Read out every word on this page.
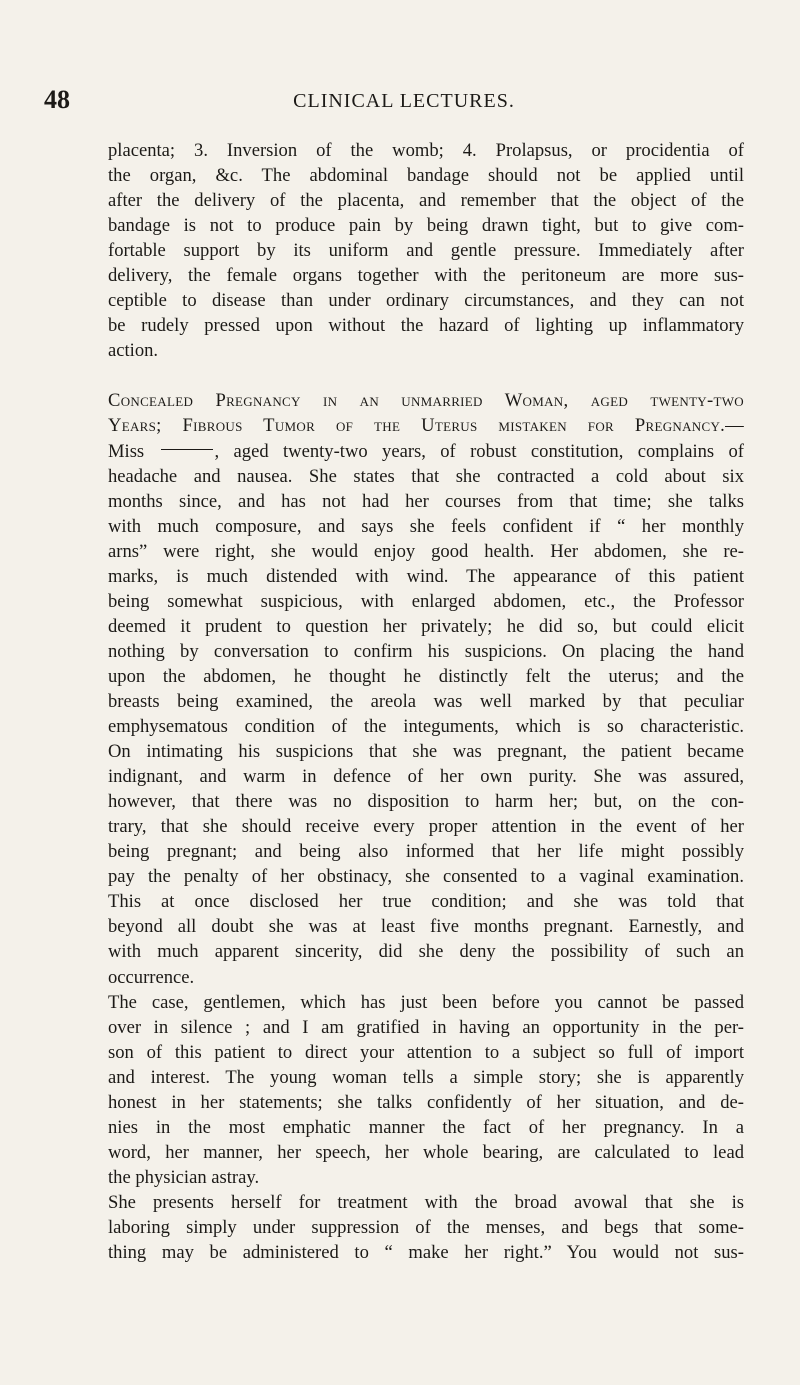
48	CLINICAL LECTURES.

placenta; 3. Inversion of the womb; 4. Prolapsus, or procidentia of
the organ, &c. The abdominal bandage should not be applied until
after the delivery of the placenta, and remember that the object of the
bandage is not to produce pain by being drawn tight, but to give com-
fortable support by its uniform and gentle pressure. Immediately after
delivery, the female organs together with the peritoneum are more sus-
ceptible to disease than under ordinary circumstances, and they can not
be rudely pressed upon without the hazard of lighting up inflammatory
action.

Concealed Pregnancy in an unmarried Woman, aged twenty-two
Years; Fibrous Tumor of the Uterus mistaken for Pregnancy.—

Miss	, aged twenty-two years, of robust constitution, complains of
headache and nausea. She states that she contracted a cold about six
months since, and has not had her courses from that time; she talks
with much composure, and says she feels confident if “ her monthly
arns” were right, she would enjoy good health. Her abdomen, she re-
marks, is much distended with wind. The appearance of this patient
being somewhat suspicious, with enlarged abdomen, etc., the Professor
deemed it prudent to question her privately; he did so, but could elicit
nothing by conversation to confirm his suspicions. On placing the hand
upon the abdomen, he thought he distinctly felt the uterus; and the
breasts being examined, the areola was well marked by that peculiar
emphysematous condition of the integuments, which is so characteristic.
On intimating his suspicions that she was pregnant, the patient became
indignant, and warm in defence of her own purity. She was assured,
however, that there was no disposition to harm her; but, on the con-
trary, that she should receive every proper attention in the event of her
being pregnant; and being also informed that her life might possibly
pay the penalty of her obstinacy, she consented to a vaginal examination.
This at once disclosed her true condition; and she was told that
beyond all doubt she was at least five months pregnant. Earnestly, and
with much apparent sincerity, did she deny the possibility of such an
occurrence.

The case, gentlemen, which has just been before you cannot be passed
over in silence ; and I am gratified in having an opportunity in the per-
son of this patient to direct your attention to a subject so full of import
and interest. The young woman tells a simple story; she is apparently
honest in her statements; she talks confidently of her situation, and de-
nies in the most emphatic manner the fact of her pregnancy. In a
word, her manner, her speech, her whole bearing, are calculated to lead
the physician astray.

She presents herself for treatment with the broad avowal that she is
laboring simply under suppression of the menses, and begs that some-
thing may be administered to “ make her right.” You would not sus-
